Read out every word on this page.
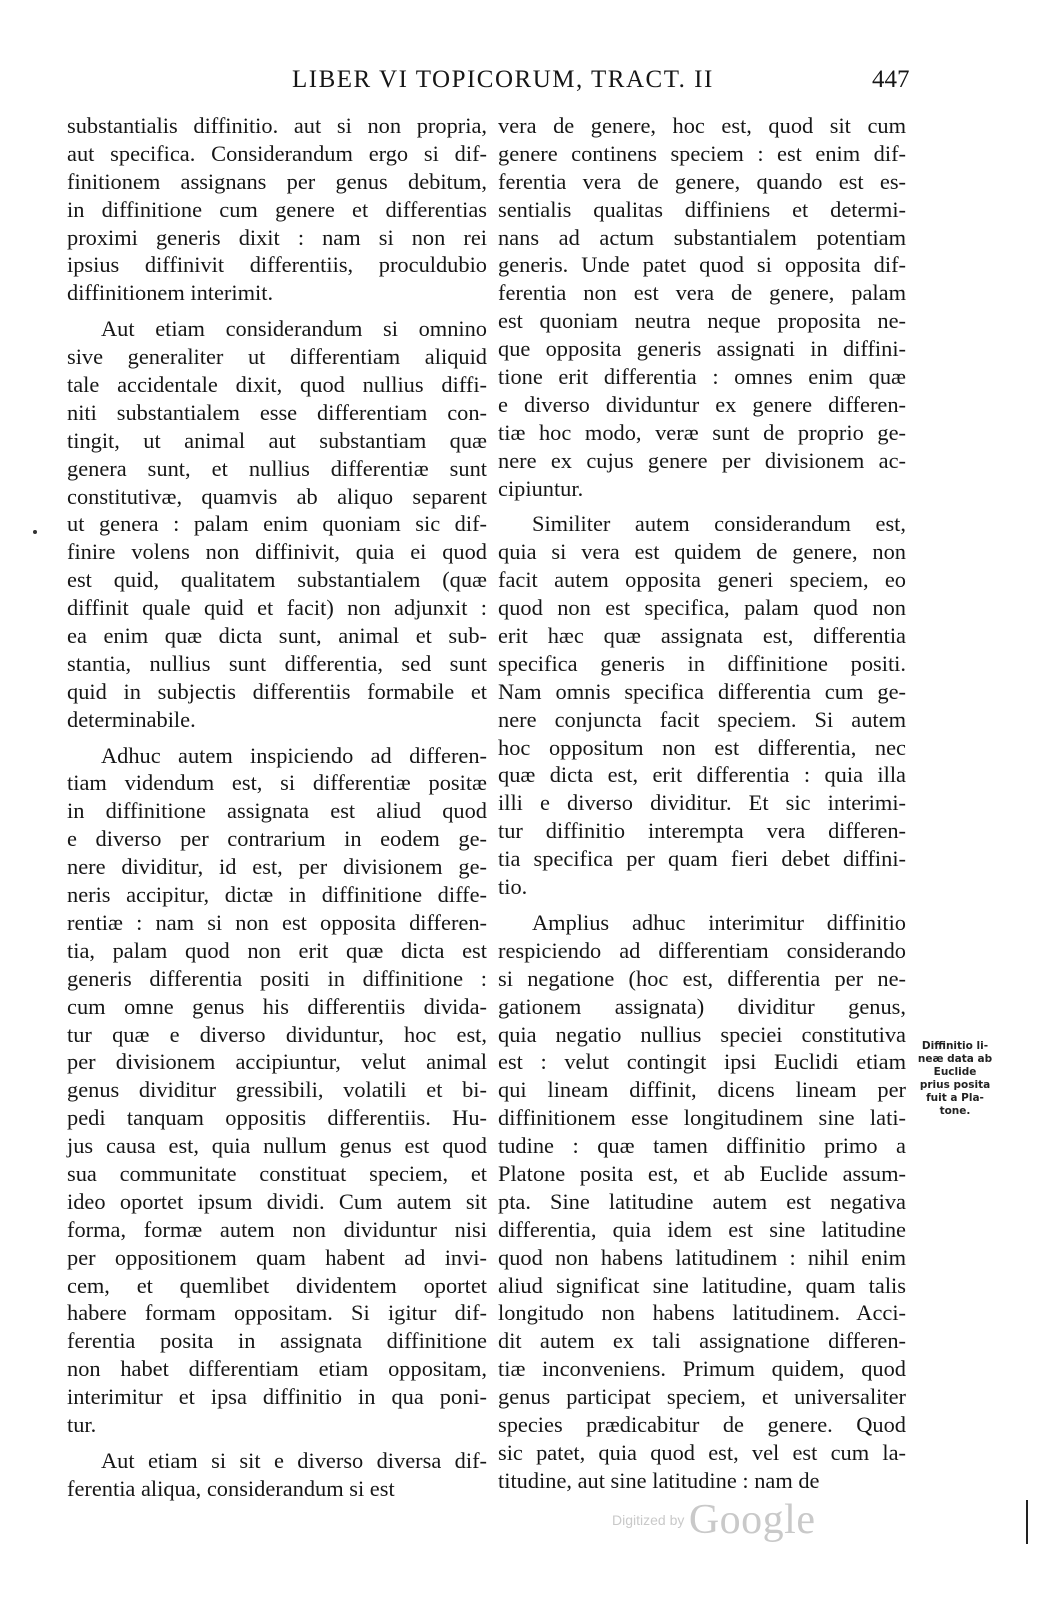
LIBER VI TOPICORUM, TRACT. II	447
substantialis diffinitio. aut si non propria,
aut specifica. Considerandum ergo si dif-
finitionem assignans per genus debitum,
in diffinitione cum genere et differentias
proximi generis dixit : nam si non rei
ipsius diffinivit differentiis, proculdubio
diffinitionem interimit.
Aut etiam considerandum si omnino
sive generaliter ut differentiam aliquid
tale accidentale dixit, quod nullius diffi-
niti substantialem esse differentiam con-
tingit, ut animal aut substantiam quæ
genera sunt, et nullius differentiæ sunt
constitutivæ, quamvis ab aliquo separent
ut genera : palam enim quoniam sic dif-
finire volens non diffinivit, quia ei quod
est quid, qualitatem substantialem (quæ
diffinit quale quid et facit) non adjunxit :
ea enim quæ dicta sunt, animal et sub-
stantia, nullius sunt differentia, sed sunt
quid in subjectis differentiis formabile et
determinabile.
Adhuc autem inspiciendo ad differen-
tiam videndum est, si differentiæ positæ
in diffinitione assignata est aliud quod
e diverso per contrarium in eodem ge-
nere dividitur, id est, per divisionem ge-
neris accipitur, dictæ in diffinitione diffe-
rentiæ : nam si non est opposita differen-
tia, palam quod non erit quæ dicta est
generis differentia positi in diffinitione :
cum omne genus his differentiis divida-
tur quæ e diverso dividuntur, hoc est,
per divisionem accipiuntur, velut animal
genus dividitur gressibili, volatili et bi-
pedi tanquam oppositis differentiis. Hu-
jus causa est, quia nullum genus est quod
sua communitate constituat speciem, et
ideo oportet ipsum dividi. Cum autem sit
forma, formæ autem non dividuntur nisi
per oppositionem quam habent ad invi-
cem, et quemlibet dividentem oportet
habere formam oppositam. Si igitur dif-
ferentia posita in assignata diffinitione
non habet differentiam etiam oppositam,
interimitur et ipsa diffinitio in qua poni-
tur.
Aut etiam si sit e diverso diversa dif-
ferentia aliqua, considerandum si est
vera de genere, hoc est, quod sit cum
genere continens speciem : est enim dif-
ferentia vera de genere, quando est es-
sentialis qualitas diffiniens et determi-
nans ad actum substantialem potentiam
generis. Unde patet quod si opposita dif-
ferentia non est vera de genere, palam
est quoniam neutra neque proposita ne-
que opposita generis assignati in diffini-
tione erit differentia : omnes enim quæ
e diverso dividuntur ex genere differen-
tiæ hoc modo, veræ sunt de proprio ge-
nere ex cujus genere per divisionem ac-
cipiuntur.
Similiter autem considerandum est,
quia si vera est quidem de genere, non
facit autem opposita generi speciem, eo
quod non est specifica, palam quod non
erit hæc quæ assignata est, differentia
specifica generis in diffinitione positi.
Nam omnis specifica differentia cum ge-
nere conjuncta facit speciem. Si autem
hoc oppositum non est differentia, nec
quæ dicta est, erit differentia : quia illa
illi e diverso dividitur. Et sic interimi-
tur diffinitio interempta vera differen-
tia specifica per quam fieri debet diffini-
tio.
Amplius adhuc interimitur diffinitio
respiciendo ad differentiam considerando
si negatione (hoc est, differentia per ne-
gationem assignata) dividitur genus,
quia negatio nullius speciei constitutiva
est : velut contingit ipsi Euclidi etiam
qui lineam diffinit, dicens lineam per
diffinitionem esse longitudinem sine lati-
tudine : quæ tamen diffinitio primo a
Platone posita est, et ab Euclide assum-
pta. Sine latitudine autem est negativa
differentia, quia idem est sine latitudine
quod non habens latitudinem : nihil enim
aliud significat sine latitudine, quam talis
longitudo non habens latitudinem. Acci-
dit autem ex tali assignatione differen-
tiæ inconveniens. Primum quidem, quod
genus participat speciem, et universaliter
species prædicabitur de genere. Quod
sic patet, quia quod est, vel est cum la-
titudine, aut sine latitudine : nam de
Diffinitio li-
neæ data ab
Euclide
prius posita
fuit a Pla-
tone.
Digitized by Google
